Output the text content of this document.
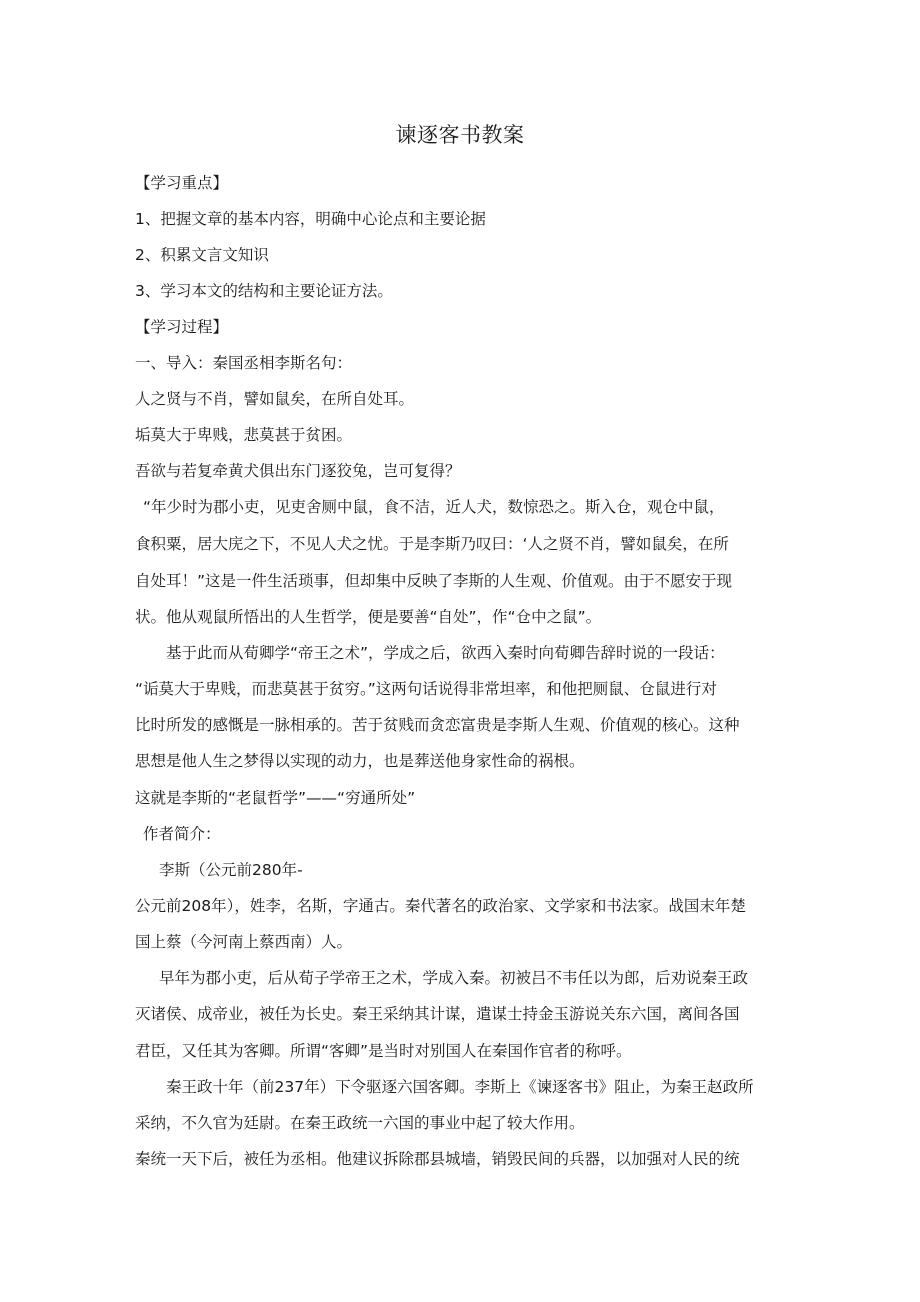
谏逐客书教案
【学习重点】
1、把握文章的基本内容，明确中心论点和主要论据
2、积累文言文知识
3、学习本文的结构和主要论证方法。
【学习过程】
一、导入：秦国丞相李斯名句：
人之贤与不肖，譬如鼠矣，在所自处耳。
垢莫大于卑贱，悲莫甚于贫困。
吾欲与若复牵黄犬俱出东门逐狡兔，岂可复得？
“年少时为郡小吏，见吏舍厕中鼠，食不洁，近人犬，数惊恐之。斯入仓，观仓中鼠，
食积粟，居大庑之下，不见人犬之忧。于是李斯乃叹曰：‘人之贤不肖，譬如鼠矣，在所
自处耳！”这是一件生活琐事，但却集中反映了李斯的人生观、价值观。由于不愿安于现
状。他从观鼠所悟出的人生哲学，便是要善“自处”，作“仓中之鼠”。
基于此而从荀卿学“帝王之术”，学成之后，欲西入秦时向荀卿告辞时说的一段话：
“诟莫大于卑贱，而悲莫甚于贫穷。”这两句话说得非常坦率，和他把厕鼠、仓鼠进行对
比时所发的感慨是一脉相承的。苦于贫贱而贪恋富贵是李斯人生观、价值观的核心。这种
思想是他人生之梦得以实现的动力，也是葬送他身家性命的祸根。
这就是李斯的“老鼠哲学”——“穷通所处”
作者简介：
李斯（公元前280年-
公元前208年），姓李，名斯，字通古。秦代著名的政治家、文学家和书法家。战国末年楚
国上蔡（今河南上蔡西南）人。
早年为郡小吏，后从荀子学帝王之术，学成入秦。初被吕不韦任以为郎，后劝说秦王政
灭诸侯、成帝业，被任为长史。秦王采纳其计谋，遣谋士持金玉游说关东六国，离间各国
君臣，又任其为客卿。所谓“客卿”是当时对别国人在秦国作官者的称呼。
秦王政十年（前237年）下令驱逐六国客卿。李斯上《谏逐客书》阻止，为秦王赵政所
采纳，不久官为廷尉。在秦王政统一六国的事业中起了较大作用。
秦统一天下后，被任为丞相。他建议拆除郡县城墙，销毁民间的兵器，以加强对人民的统
